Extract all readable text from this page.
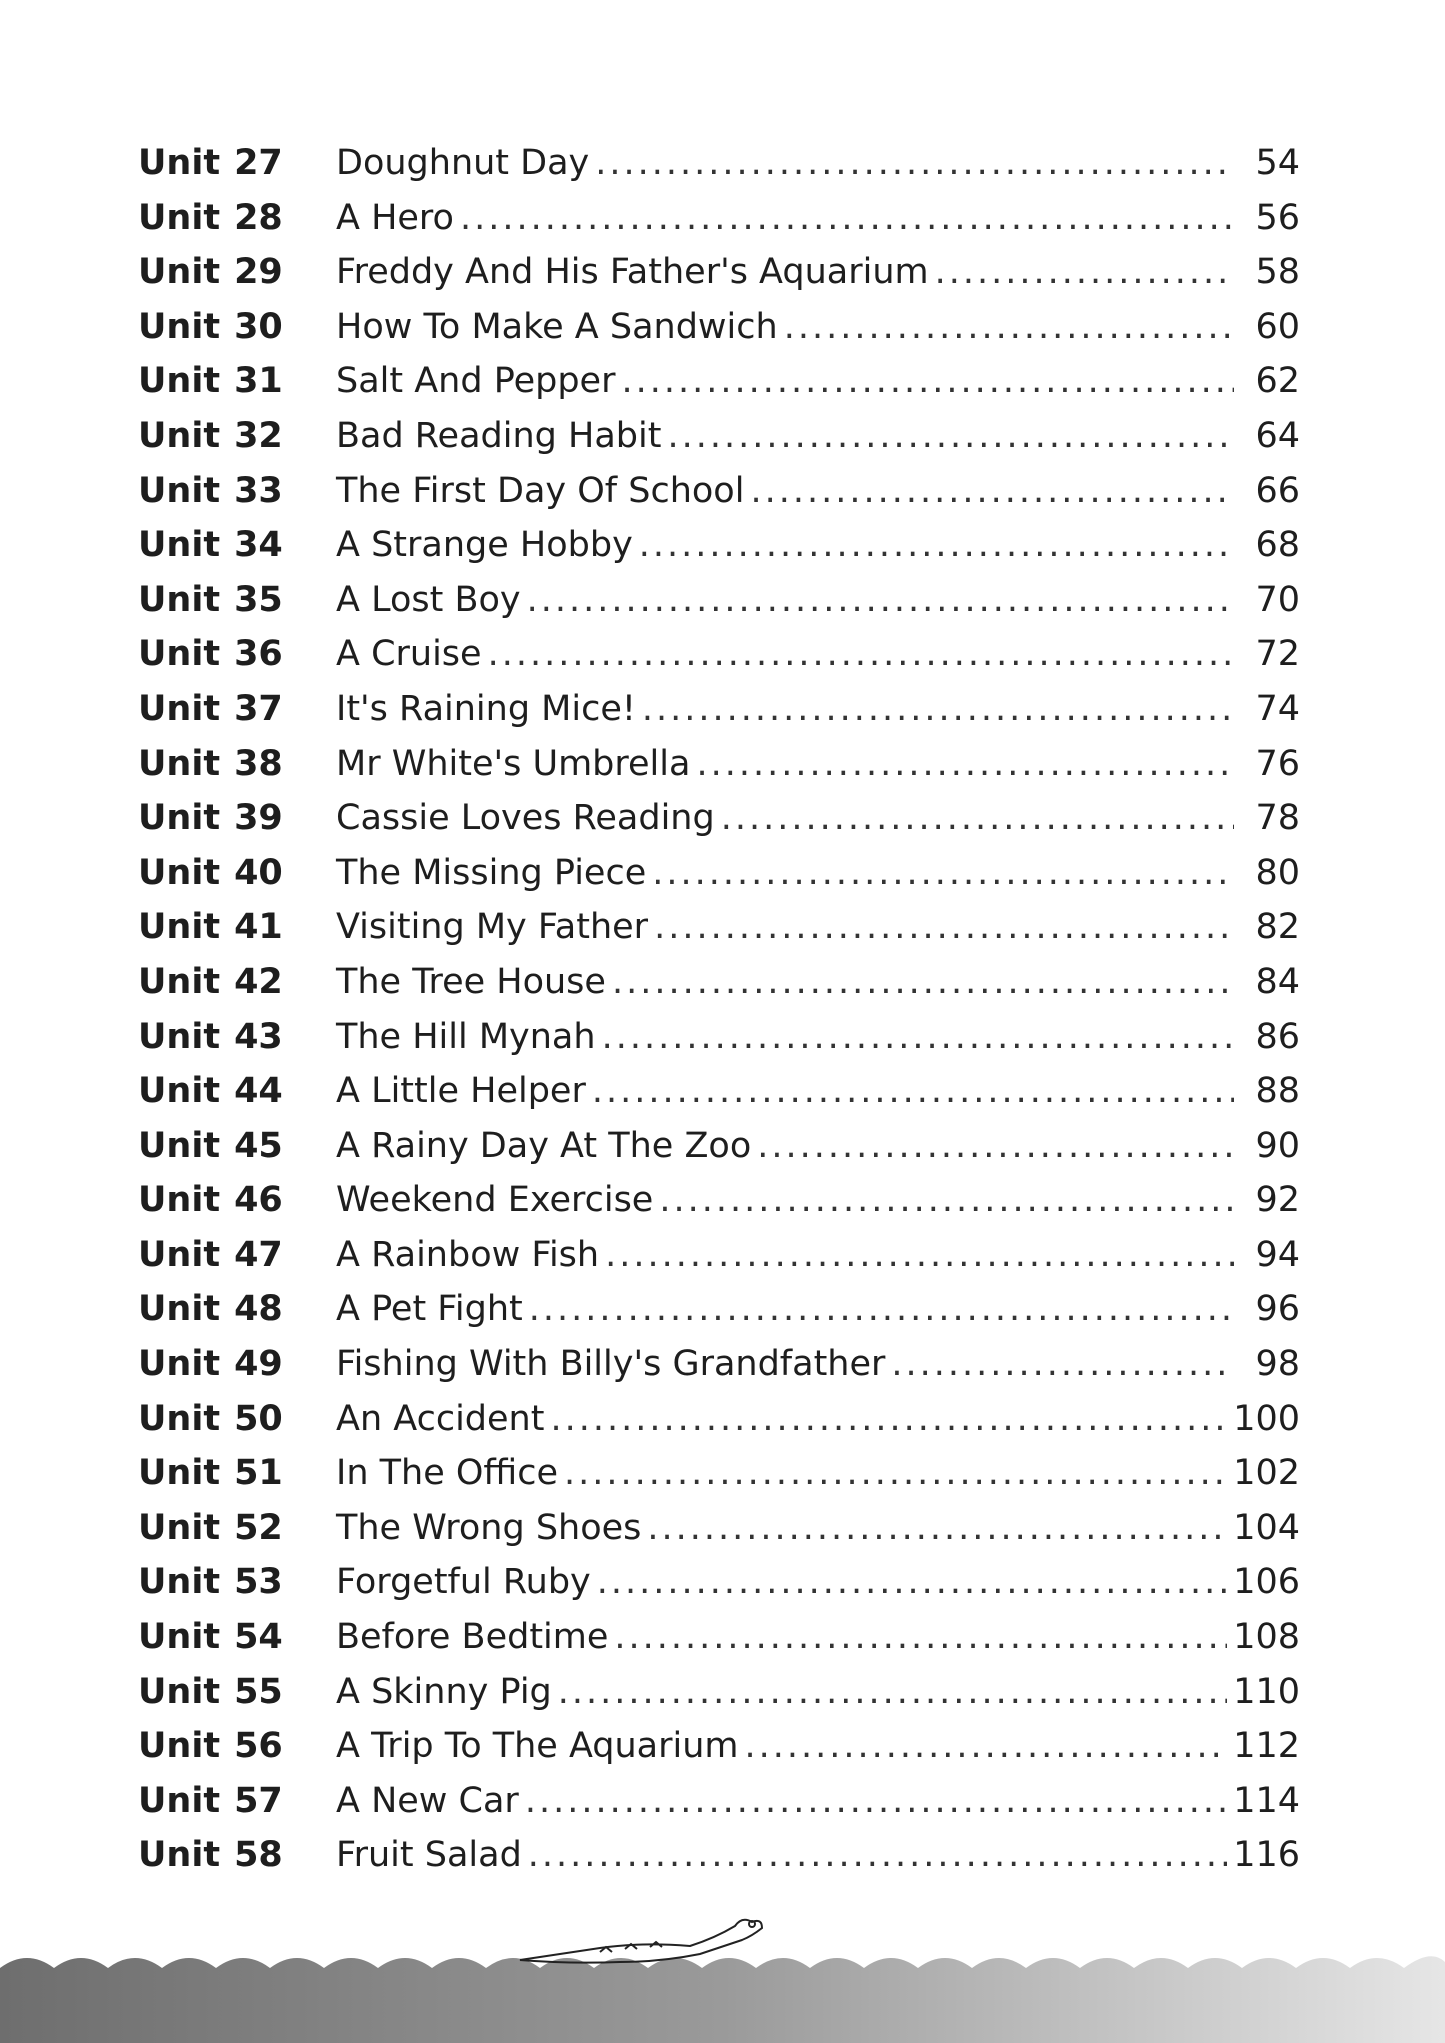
Unit 27	Doughnut Day .....	54
Unit 28	A Hero .....	56
Unit 29	Freddy And His Father's Aquarium .....	58
Unit 30	How To Make A Sandwich .....	60
Unit 31	Salt And Pepper .....	62
Unit 32	Bad Reading Habit .....	64
Unit 33	The First Day Of School .....	66
Unit 34	A Strange Hobby .....	68
Unit 35	A Lost Boy .....	70
Unit 36	A Cruise .....	72
Unit 37	It's Raining Mice! .....	74
Unit 38	Mr White's Umbrella .....	76
Unit 39	Cassie Loves Reading .....	78
Unit 40	The Missing Piece .....	80
Unit 41	Visiting My Father .....	82
Unit 42	The Tree House .....	84
Unit 43	The Hill Mynah .....	86
Unit 44	A Little Helper .....	88
Unit 45	A Rainy Day At The Zoo .....	90
Unit 46	Weekend Exercise .....	92
Unit 47	A Rainbow Fish .....	94
Unit 48	A Pet Fight .....	96
Unit 49	Fishing With Billy's Grandfather .....	98
Unit 50	An Accident .....	100
Unit 51	In The Office .....	102
Unit 52	The Wrong Shoes .....	104
Unit 53	Forgetful Ruby .....	106
Unit 54	Before Bedtime .....	108
Unit 55	A Skinny Pig .....	110
Unit 56	A Trip To The Aquarium .....	112
Unit 57	A New Car .....	114
Unit 58	Fruit Salad .....	116
